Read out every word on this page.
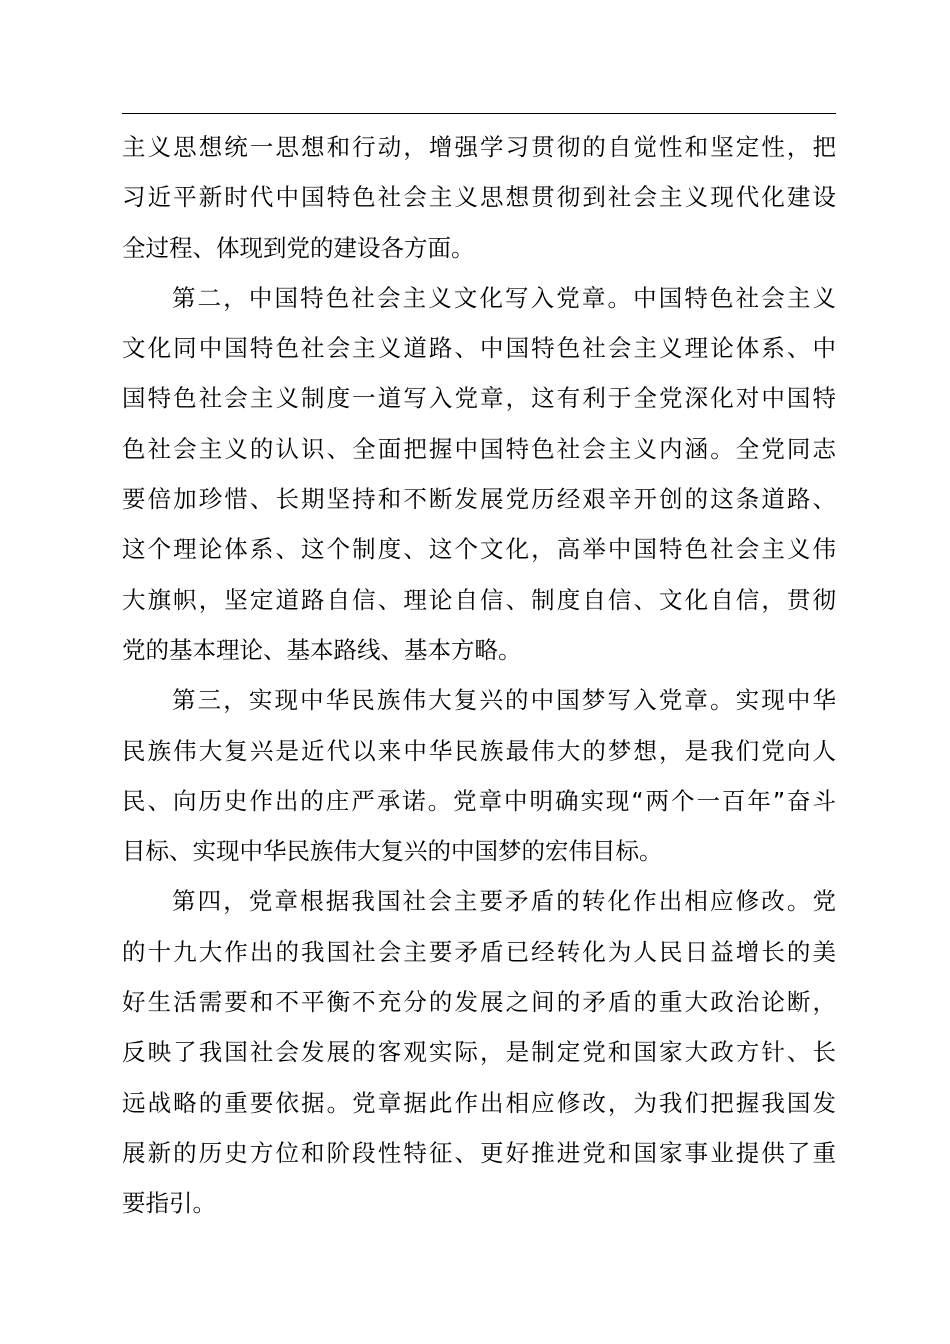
主义思想统一思想和行动，增强学习贯彻的自觉性和坚定性，把
习近平新时代中国特色社会主义思想贯彻到社会主义现代化建设
全过程、体现到党的建设各方面。
第二，中国特色社会主义文化写入党章。中国特色社会主义
文化同中国特色社会主义道路、中国特色社会主义理论体系、中
国特色社会主义制度一道写入党章，这有利于全党深化对中国特
色社会主义的认识、全面把握中国特色社会主义内涵。全党同志
要倍加珍惜、长期坚持和不断发展党历经艰辛开创的这条道路、
这个理论体系、这个制度、这个文化，高举中国特色社会主义伟
大旗帜，坚定道路自信、理论自信、制度自信、文化自信，贯彻
党的基本理论、基本路线、基本方略。
第三，实现中华民族伟大复兴的中国梦写入党章。实现中华
民族伟大复兴是近代以来中华民族最伟大的梦想，是我们党向人
民、向历史作出的庄严承诺。党章中明确实现“两个一百年”奋斗
目标、实现中华民族伟大复兴的中国梦的宏伟目标。
第四，党章根据我国社会主要矛盾的转化作出相应修改。党
的十九大作出的我国社会主要矛盾已经转化为人民日益增长的美
好生活需要和不平衡不充分的发展之间的矛盾的重大政治论断，
反映了我国社会发展的客观实际，是制定党和国家大政方针、长
远战略的重要依据。党章据此作出相应修改，为我们把握我国发
展新的历史方位和阶段性特征、更好推进党和国家事业提供了重
要指引。
